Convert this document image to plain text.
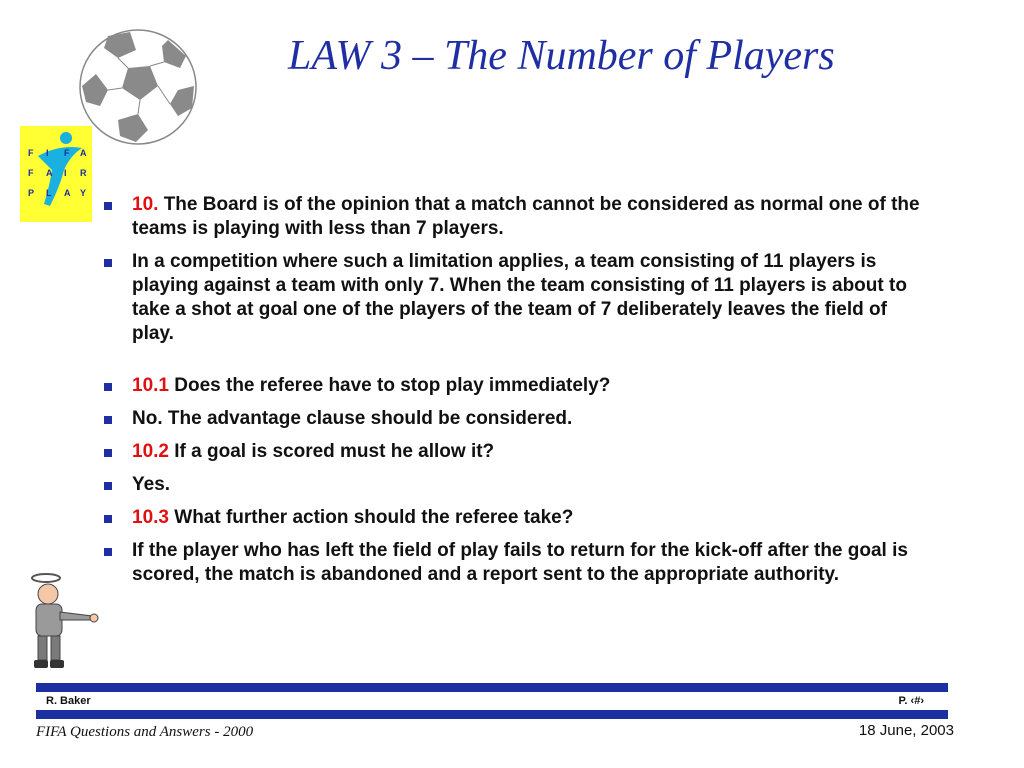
LAW 3 – The Number of Players
F I F A
F A I R
P L A Y
10. The Board is of the opinion that a match cannot be considered as normal one of the teams is playing with less than 7 players.
In a competition where such a limitation applies, a team consisting of 11 players is playing against a team with only 7. When the team consisting of 11 players is about to take a shot at goal one of the players of the team of 7 deliberately leaves the field of play.
10.1 Does the referee have to stop play immediately?
No. The advantage clause should be considered.
10.2 If a goal is scored must he allow it?
Yes.
10.3 What further action should the referee take?
If the player who has left the field of play fails to return for the kick-off after the goal is scored, the match is abandoned and a report sent to the appropriate authority.
R. Baker	P. ‹#›
FIFA Questions and Answers - 2000	18 June, 2003
